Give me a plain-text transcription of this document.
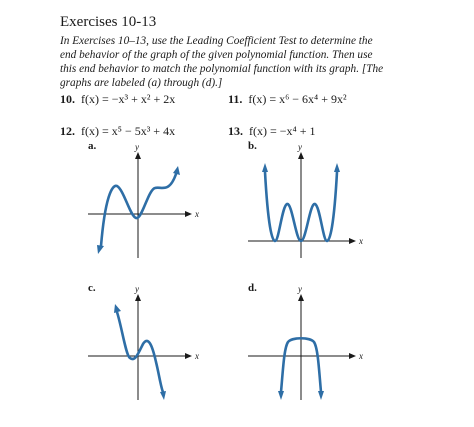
Exercises 10-13
In Exercises 10–13, use the Leading Coefficient Test to determine the end behavior of the graph of the given polynomial function. Then use this end behavior to match the polynomial function with its graph. [The graphs are labeled (a) through (d).]
10. f(x) = −x³ + x² + 2x	11. f(x) = x⁶ − 6x⁴ + 9x²
12. f(x) = x⁵ − 5x³ + 4x	13. f(x) = −x⁴ + 1
a.	b.
c.	d.
x
y
x
y
x
y
x
y
